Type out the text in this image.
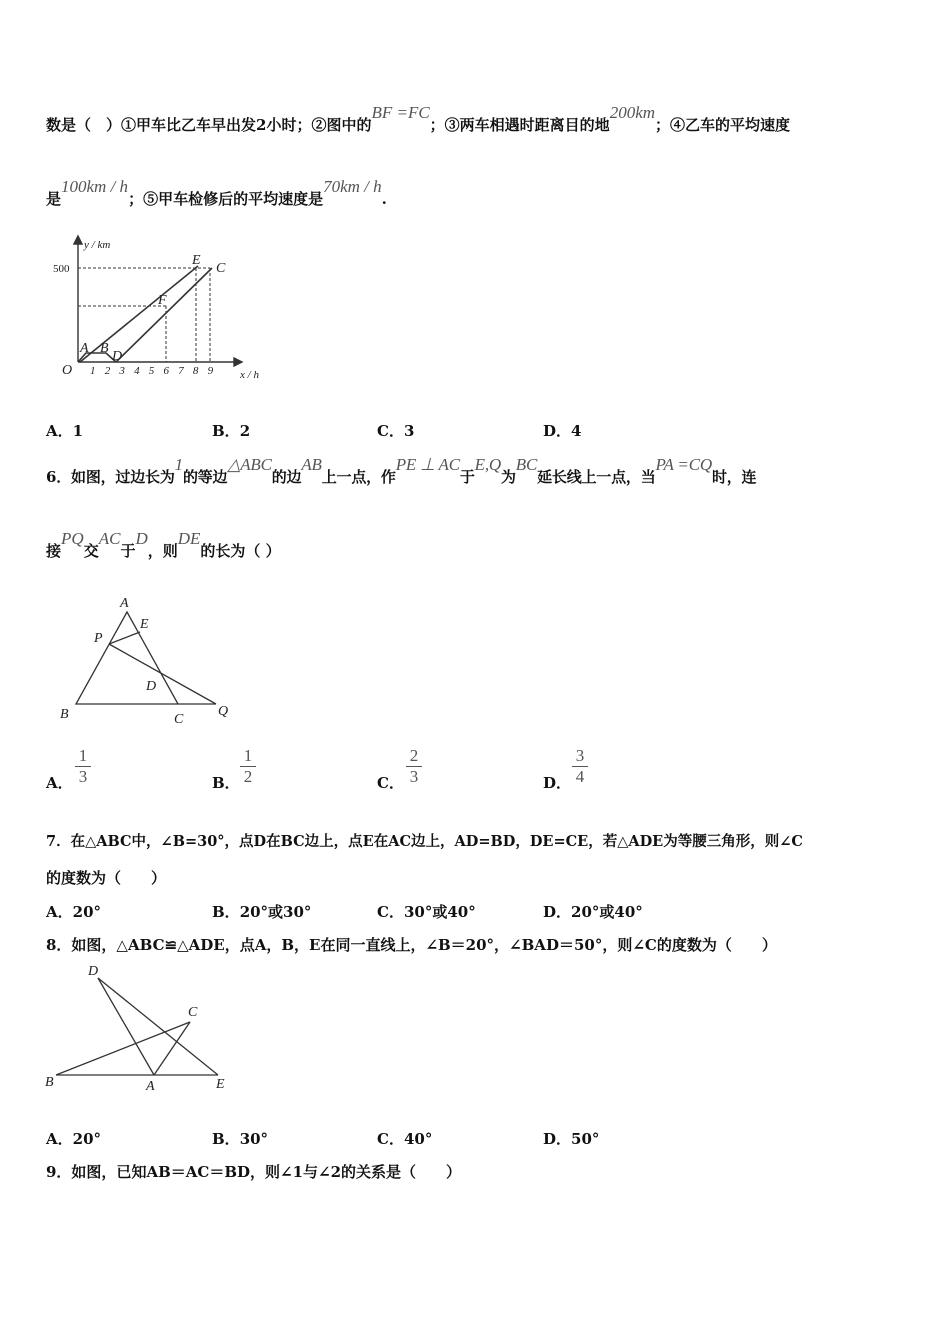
数是（　）①甲车比乙车早出发2小时；②图中的BF =FC；③两车相遇时距离目的地200km；④乙车的平均速度
是100km / h；⑤甲车检修后的平均速度是70km / h.
y / km
x / h
500
O 1 2 3 4 5 6 7 8 9
A B
D
E
F
C
A．1	B．2	C．3	D．4
6．如图，过边长为1的等边△ABC的边AB上一点，作PE ⊥ AC于E,Q为BC延长线上一点，当PA =CQ时，连
接PQ交AC于D，则DE的长为（ ）
A
E
P
D
B	C
Q
A． $\frac{1}{3}$	B． $\frac{1}{2}$	C． $\frac{2}{3}$	D． $\frac{3}{4}$
7．在△ABC中，∠B=30°，点D在BC边上，点E在AC边上，AD=BD，DE=CE，若△ADE为等腰三角形，则∠C
的度数为（　　）
A．20°	B．20°或30°	C．30°或40°	D．20°或40°
8．如图，△ABC≌△ADE，点A，B，E在同一直线上，∠B＝20°，∠BAD＝50°，则∠C的度数为（　　）
D
C
B	A	E
A．20°	B．30°	C．40°	D．50°
9．如图，已知AB＝AC＝BD，则∠1与∠2的关系是（　　）
